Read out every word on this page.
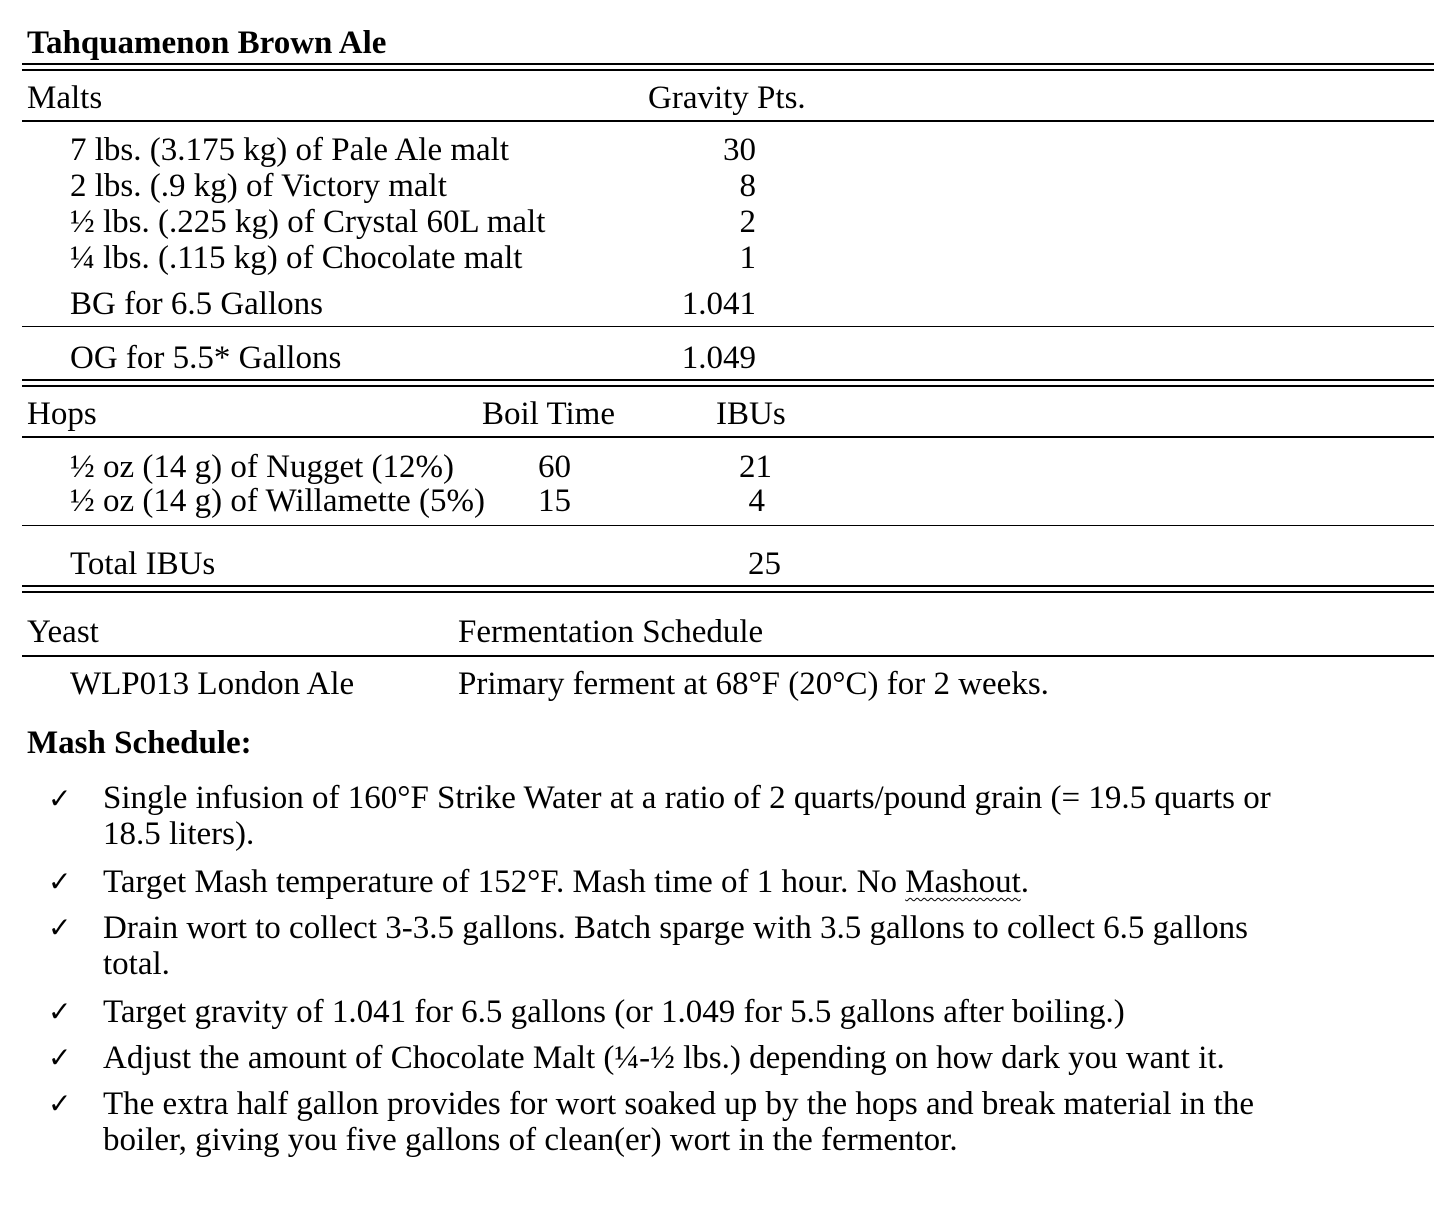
Tahquamenon Brown Ale
Malts	Gravity Pts.
7 lbs. (3.175 kg) of Pale Ale malt	30
2 lbs. (.9 kg) of Victory malt	8
½ lbs. (.225 kg) of Crystal 60L malt	2
¼ lbs. (.115 kg) of Chocolate malt	1
BG for 6.5 Gallons	1.041
OG for 5.5* Gallons	1.049
Hops	Boil Time	IBUs
½ oz (14 g) of Nugget (12%)	60	21
½ oz (14 g) of Willamette (5%) 15	4
Total IBUs	25
Yeast	Fermentation Schedule
WLP013 London Ale	Primary ferment at 68°F (20°C) for 2 weeks.
Mash Schedule:
✓ Single infusion of 160°F Strike Water at a ratio of 2 quarts/pound grain (= 19.5 quarts or
18.5 liters).
✓ Target Mash temperature of 152°F. Mash time of 1 hour. No Mashout.
✓ Drain wort to collect 3-3.5 gallons. Batch sparge with 3.5 gallons to collect 6.5 gallons
total.
✓ Target gravity of 1.041 for 6.5 gallons (or 1.049 for 5.5 gallons after boiling.)
✓ Adjust the amount of Chocolate Malt (¼-½ lbs.) depending on how dark you want it.
✓ The extra half gallon provides for wort soaked up by the hops and break material in the
boiler, giving you five gallons of clean(er) wort in the fermentor.
